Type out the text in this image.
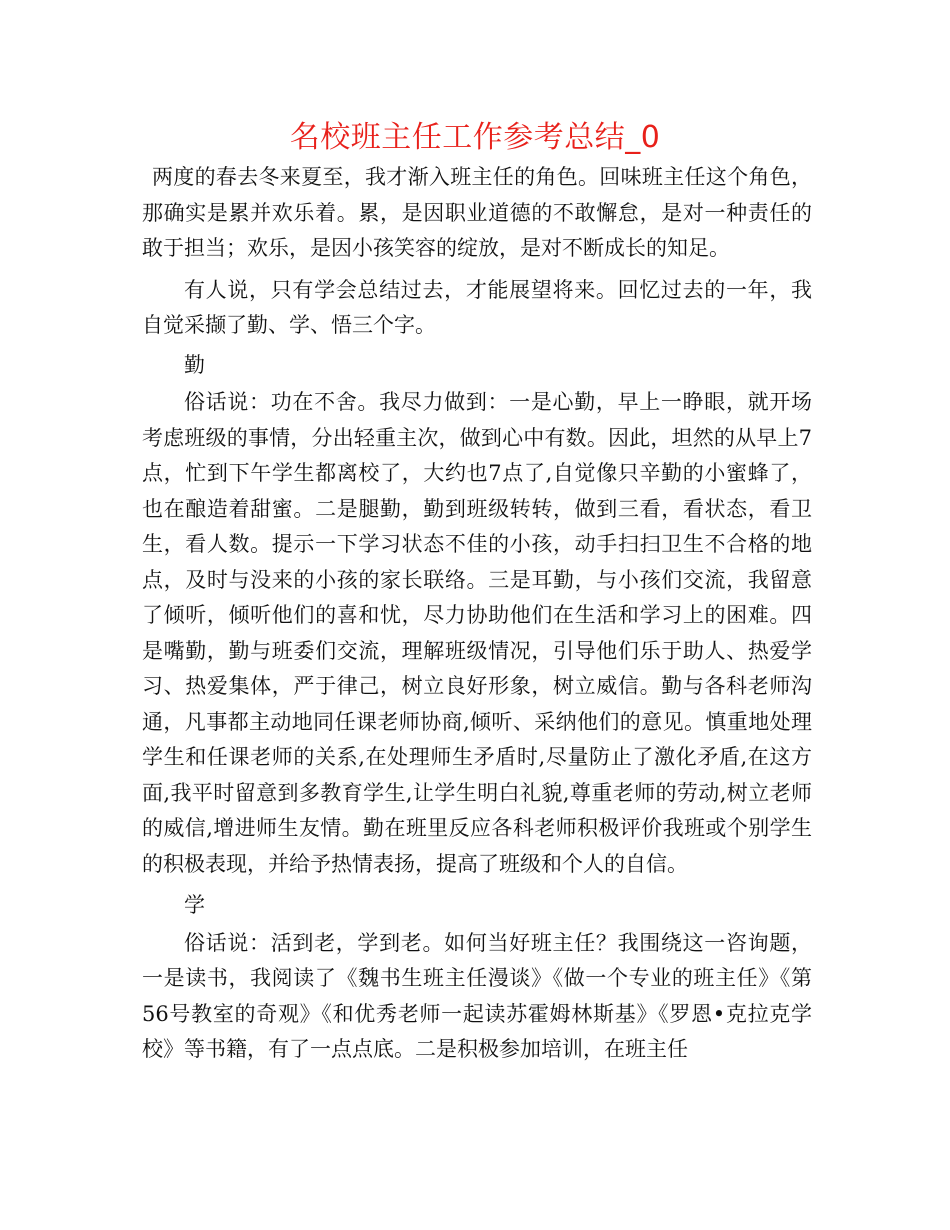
名校班主任工作参考总结_0

两度的春去冬来夏至，我才渐入班主任的角色。回味班主任这个角色，那确实是累并欢乐着。累，是因职业道德的不敢懈怠，是对一种责任的敢于担当；欢乐，是因小孩笑容的绽放，是对不断成长的知足。

有人说，只有学会总结过去，才能展望将来。回忆过去的一年，我自觉采撷了勤、学、悟三个字。

勤

俗话说：功在不舍。我尽力做到：一是心勤，早上一睁眼，就开场考虑班级的事情，分出轻重主次，做到心中有数。因此，坦然的从早上7点，忙到下午学生都离校了，大约也7点了,自觉像只辛勤的小蜜蜂了，也在酿造着甜蜜。二是腿勤，勤到班级转转，做到三看，看状态，看卫生，看人数。提示一下学习状态不佳的小孩，动手扫扫卫生不合格的地点，及时与没来的小孩的家长联络。三是耳勤，与小孩们交流，我留意了倾听，倾听他们的喜和忧，尽力协助他们在生活和学习上的困难。四是嘴勤，勤与班委们交流，理解班级情况，引导他们乐于助人、热爱学习、热爱集体，严于律己，树立良好形象，树立威信。勤与各科老师沟通，凡事都主动地同任课老师协商,倾听、采纳他们的意见。慎重地处理学生和任课老师的关系,在处理师生矛盾时,尽量防止了激化矛盾,在这方面,我平时留意到多教育学生,让学生明白礼貌,尊重老师的劳动,树立老师的威信,增进师生友情。勤在班里反应各科老师积极评价我班或个别学生的积极表现，并给予热情表扬，提高了班级和个人的自信。

学

俗话说：活到老，学到老。如何当好班主任？我围绕这一咨询题，一是读书，我阅读了《魏书生班主任漫谈》《做一个专业的班主任》《第56号教室的奇观》《和优秀老师一起读苏霍姆林斯基》《罗恩•克拉克学校》等书籍，有了一点点底。二是积极参加培训，在班主任
